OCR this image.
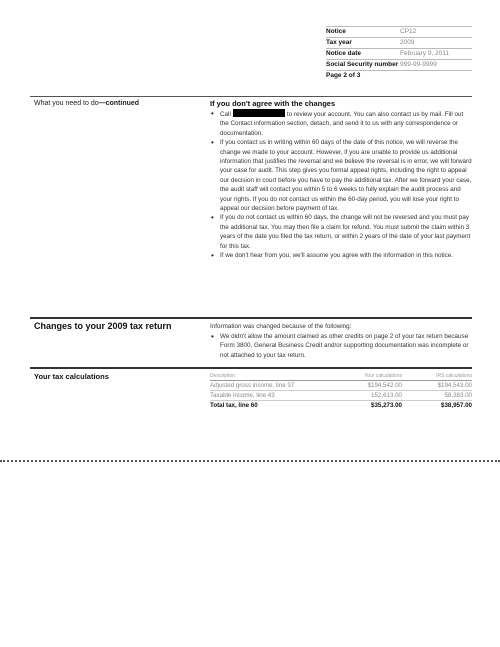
Notice	CP12
Tax year	2009
Notice date	February 9, 2011
Social Security number 999-99-9999
Page 2 of 3
What you need to do—continued	If you don't agree with the changes
• Call	to review your account. You can also contact us by mail. Fill out the Contact information section, detach, and send it to us with any correspondence or documentation.
• If you contact us in writing within 60 days of the date of this notice, we will reverse the change we made to your account. However, if you are unable to provide us additional information that justifies the reversal and we believe the reversal is in error, we will forward your case for audit. This step gives you formal appeal rights, including the right to appeal our decision in court before you have to pay the additional tax. After we forward your case, the audit staff will contact you within 5 to 6 weeks to fully explain the audit process and your rights. If you do not contact us within the 60-day period, you will lose your right to appeal our decision before payment of tax.
• If you do not contact us within 60 days, the change will not be reversed and you must pay the additional tax. You may then file a claim for refund. You must submit the claim within 3 years of the date you filed the tax return, or within 2 years of the date of your last payment for this tax.
• If we don't hear from you, we'll assume you agree with the information in this notice.
Changes to your 2009 tax return	Information was changed because of the following:
• We didn't allow the amount claimed as other credits on page 2 of your tax return because Form 3800, General Business Credit and/or supporting documentation was incomplete or not attached to your tax return.
Your tax calculations	Description	Your calculations	IRS calculations
Adjusted gross income, line 37	$194,542.00	$194,543.00
Taxable income, line 43	152,613.00	58,383.00
Total tax, line 60	$35,273.00	$38,957.00
